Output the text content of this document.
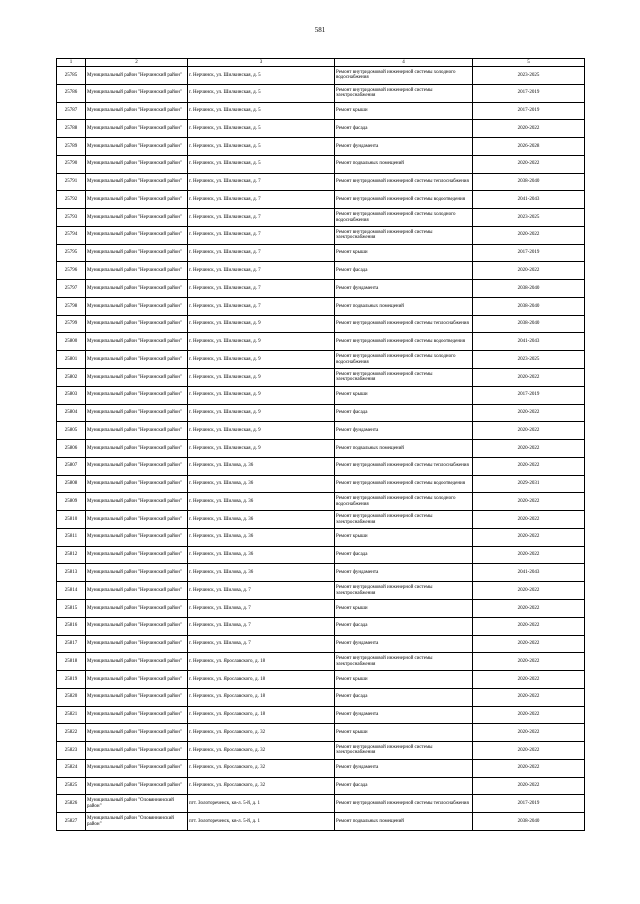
581
1	2	3	4	5
25785	Муниципальный район "Нерчинский район"	г. Нерчинск, ул. Шилкинская, д. 5	Ремонт внутридомовой инженерной системы холодного водоснабжения	2023-2025
25786	Муниципальный район "Нерчинский район"	г. Нерчинск, ул. Шилкинская, д. 5	Ремонт внутридомовой инженерной системы электроснабжения	2017-2019
25787	Муниципальный район "Нерчинский район"	г. Нерчинск, ул. Шилкинская, д. 5	Ремонт крыши	2017-2019
25788	Муниципальный район "Нерчинский район"	г. Нерчинск, ул. Шилкинская, д. 5	Ремонт фасада	2020-2022
25789	Муниципальный район "Нерчинский район"	г. Нерчинск, ул. Шилкинская, д. 5	Ремонт фундамента	2026-2028
25790	Муниципальный район "Нерчинский район"	г. Нерчинск, ул. Шилкинская, д. 5	Ремонт подвальных помещений	2020-2022
25791	Муниципальный район "Нерчинский район"	г. Нерчинск, ул. Шилкинская, д. 7	Ремонт внутридомовой инженерной системы теплоснабжения	2038-2040
25792	Муниципальный район "Нерчинский район"	г. Нерчинск, ул. Шилкинская, д. 7	Ремонт внутридомовой инженерной системы водоотведения	2041-2043
25793	Муниципальный район "Нерчинский район"	г. Нерчинск, ул. Шилкинская, д. 7	Ремонт внутридомовой инженерной системы холодного водоснабжения	2023-2025
25794	Муниципальный район "Нерчинский район"	г. Нерчинск, ул. Шилкинская, д. 7	Ремонт внутридомовой инженерной системы электроснабжения	2020-2022
25795	Муниципальный район "Нерчинский район"	г. Нерчинск, ул. Шилкинская, д. 7	Ремонт крыши	2017-2019
25796	Муниципальный район "Нерчинский район"	г. Нерчинск, ул. Шилкинская, д. 7	Ремонт фасада	2020-2022
25797	Муниципальный район "Нерчинский район"	г. Нерчинск, ул. Шилкинская, д. 7	Ремонт фундамента	2038-2040
25798	Муниципальный район "Нерчинский район"	г. Нерчинск, ул. Шилкинская, д. 7	Ремонт подвальных помещений	2038-2040
25799	Муниципальный район "Нерчинский район"	г. Нерчинск, ул. Шилкинская, д. 9	Ремонт внутридомовой инженерной системы теплоснабжения	2038-2040
25800	Муниципальный район "Нерчинский район"	г. Нерчинск, ул. Шилкинская, д. 9	Ремонт внутридомовой инженерной системы водоотведения	2041-2043
25801	Муниципальный район "Нерчинский район"	г. Нерчинск, ул. Шилкинская, д. 9	Ремонт внутридомовой инженерной системы холодного водоснабжения	2023-2025
25802	Муниципальный район "Нерчинский район"	г. Нерчинск, ул. Шилкинская, д. 9	Ремонт внутридомовой инженерной системы электроснабжения	2020-2022
25803	Муниципальный район "Нерчинский район"	г. Нерчинск, ул. Шилкинская, д. 9	Ремонт крыши	2017-2019
25804	Муниципальный район "Нерчинский район"	г. Нерчинск, ул. Шилкинская, д. 9	Ремонт фасада	2020-2022
25805	Муниципальный район "Нерчинский район"	г. Нерчинск, ул. Шилкинская, д. 9	Ремонт фундамента	2020-2022
25806	Муниципальный район "Нерчинский район"	г. Нерчинск, ул. Шилкинская, д. 9	Ремонт подвальных помещений	2020-2022
25807	Муниципальный район "Нерчинский район"	г. Нерчинск, ул. Шилова, д. 36	Ремонт внутридомовой инженерной системы теплоснабжения	2020-2022
25808	Муниципальный район "Нерчинский район"	г. Нерчинск, ул. Шилова, д. 36	Ремонт внутридомовой инженерной системы водоотведения	2029-2031
25809	Муниципальный район "Нерчинский район"	г. Нерчинск, ул. Шилова, д. 36	Ремонт внутридомовой инженерной системы холодного водоснабжения	2020-2022
25810	Муниципальный район "Нерчинский район"	г. Нерчинск, ул. Шилова, д. 36	Ремонт внутридомовой инженерной системы электроснабжения	2020-2022
25811	Муниципальный район "Нерчинский район"	г. Нерчинск, ул. Шилова, д. 36	Ремонт крыши	2020-2022
25812	Муниципальный район "Нерчинский район"	г. Нерчинск, ул. Шилова, д. 36	Ремонт фасада	2020-2022
25813	Муниципальный район "Нерчинский район"	г. Нерчинск, ул. Шилова, д. 36	Ремонт фундамента	2041-2043
25814	Муниципальный район "Нерчинский район"	г. Нерчинск, ул. Шилова, д. 7	Ремонт внутридомовой инженерной системы электроснабжения	2020-2022
25815	Муниципальный район "Нерчинский район"	г. Нерчинск, ул. Шилова, д. 7	Ремонт крыши	2020-2022
25816	Муниципальный район "Нерчинский район"	г. Нерчинск, ул. Шилова, д. 7	Ремонт фасада	2020-2022
25817	Муниципальный район "Нерчинский район"	г. Нерчинск, ул. Шилова, д. 7	Ремонт фундамента	2020-2022
25818	Муниципальный район "Нерчинский район"	г. Нерчинск, ул. Ярославского, д. 18	Ремонт внутридомовой инженерной системы электроснабжения	2020-2022
25819	Муниципальный район "Нерчинский район"	г. Нерчинск, ул. Ярославского, д. 18	Ремонт крыши	2020-2022
25820	Муниципальный район "Нерчинский район"	г. Нерчинск, ул. Ярославского, д. 18	Ремонт фасада	2020-2022
25821	Муниципальный район "Нерчинский район"	г. Нерчинск, ул. Ярославского, д. 18	Ремонт фундамента	2020-2022
25822	Муниципальный район "Нерчинский район"	г. Нерчинск, ул. Ярославского, д. 32	Ремонт крыши	2020-2022
25823	Муниципальный район "Нерчинский район"	г. Нерчинск, ул. Ярославского, д. 32	Ремонт внутридомовой инженерной системы электроснабжения	2020-2022
25824	Муниципальный район "Нерчинский район"	г. Нерчинск, ул. Ярославского, д. 32	Ремонт фундамента	2020-2022
25825	Муниципальный район "Нерчинский район"	г. Нерчинск, ул. Ярославского, д. 32	Ремонт фасада	2020-2022
25826	Муниципальный район "Оловяннинский район"	пгт. Золотореченск, кв-л. 5-й, д. 1	Ремонт внутридомовой инженерной системы теплоснабжения	2017-2019
25827	Муниципальный район "Оловяннинский район"	пгт. Золотореченск, кв-л. 5-й, д. 1	Ремонт подвальных помещений	2038-2040
